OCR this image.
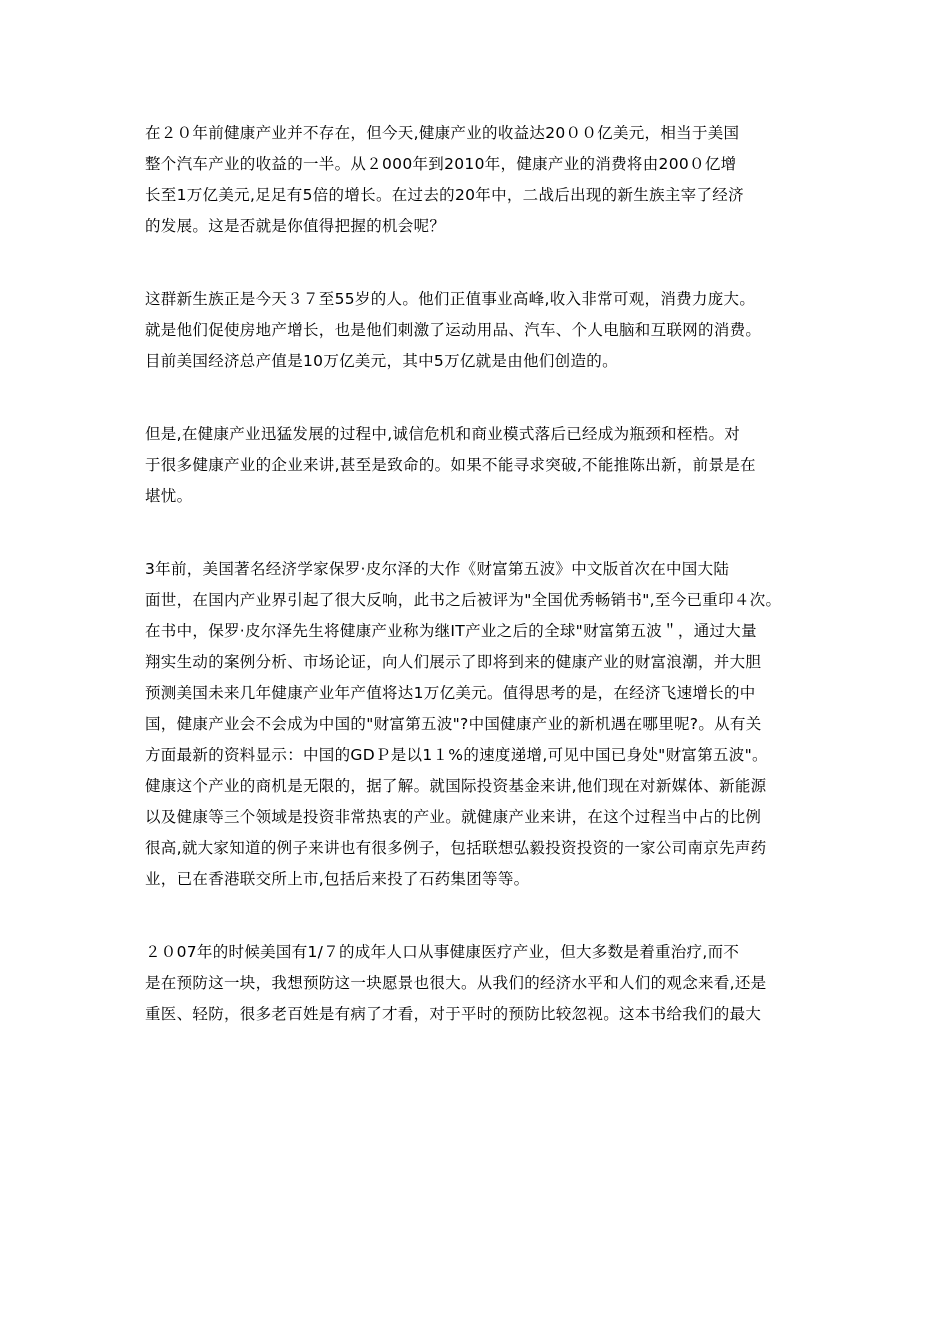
在２０年前健康产业并不存在，但今天,健康产业的收益达20００亿美元，相当于美国
整个汽车产业的收益的一半。从２000年到2010年，健康产业的消费将由200０亿增
长至1万亿美元,足足有5倍的增长。在过去的20年中，二战后出现的新生族主宰了经济
的发展。这是否就是你值得把握的机会呢？
这群新生族正是今天３７至55岁的人。他们正值事业高峰,收入非常可观，消费力庞大。
就是他们促使房地产增长，也是他们刺激了运动用品、汽车、个人电脑和互联网的消费。
目前美国经济总产值是10万亿美元，其中5万亿就是由他们创造的。
但是,在健康产业迅猛发展的过程中,诚信危机和商业模式落后已经成为瓶颈和桎梏。对
于很多健康产业的企业来讲,甚至是致命的。如果不能寻求突破,不能推陈出新，前景是在
堪忧。
3年前，美国著名经济学家保罗·皮尔泽的大作《财富第五波》中文版首次在中国大陆
面世，在国内产业界引起了很大反响，此书之后被评为"全国优秀畅销书",至今已重印４次。
在书中，保罗·皮尔泽先生将健康产业称为继IT产业之后的全球"财富第五波＂，通过大量
翔实生动的案例分析、市场论证，向人们展示了即将到来的健康产业的财富浪潮，并大胆
预测美国未来几年健康产业年产值将达1万亿美元。值得思考的是，在经济飞速增长的中
国，健康产业会不会成为中国的"财富第五波"?中国健康产业的新机遇在哪里呢?。从有关
方面最新的资料显示：中国的GDＰ是以1１%的速度递增,可见中国已身处"财富第五波"。
健康这个产业的商机是无限的，据了解。就国际投资基金来讲,他们现在对新媒体、新能源
以及健康等三个领域是投资非常热衷的产业。就健康产业来讲，在这个过程当中占的比例
很高,就大家知道的例子来讲也有很多例子，包括联想弘毅投资投资的一家公司南京先声药
业，已在香港联交所上市,包括后来投了石药集团等等。
２０07年的时候美国有1/７的成年人口从事健康医疗产业，但大多数是着重治疗,而不
是在预防这一块，我想预防这一块愿景也很大。从我们的经济水平和人们的观念来看,还是
重医、轻防，很多老百姓是有病了才看，对于平时的预防比较忽视。这本书给我们的最大
